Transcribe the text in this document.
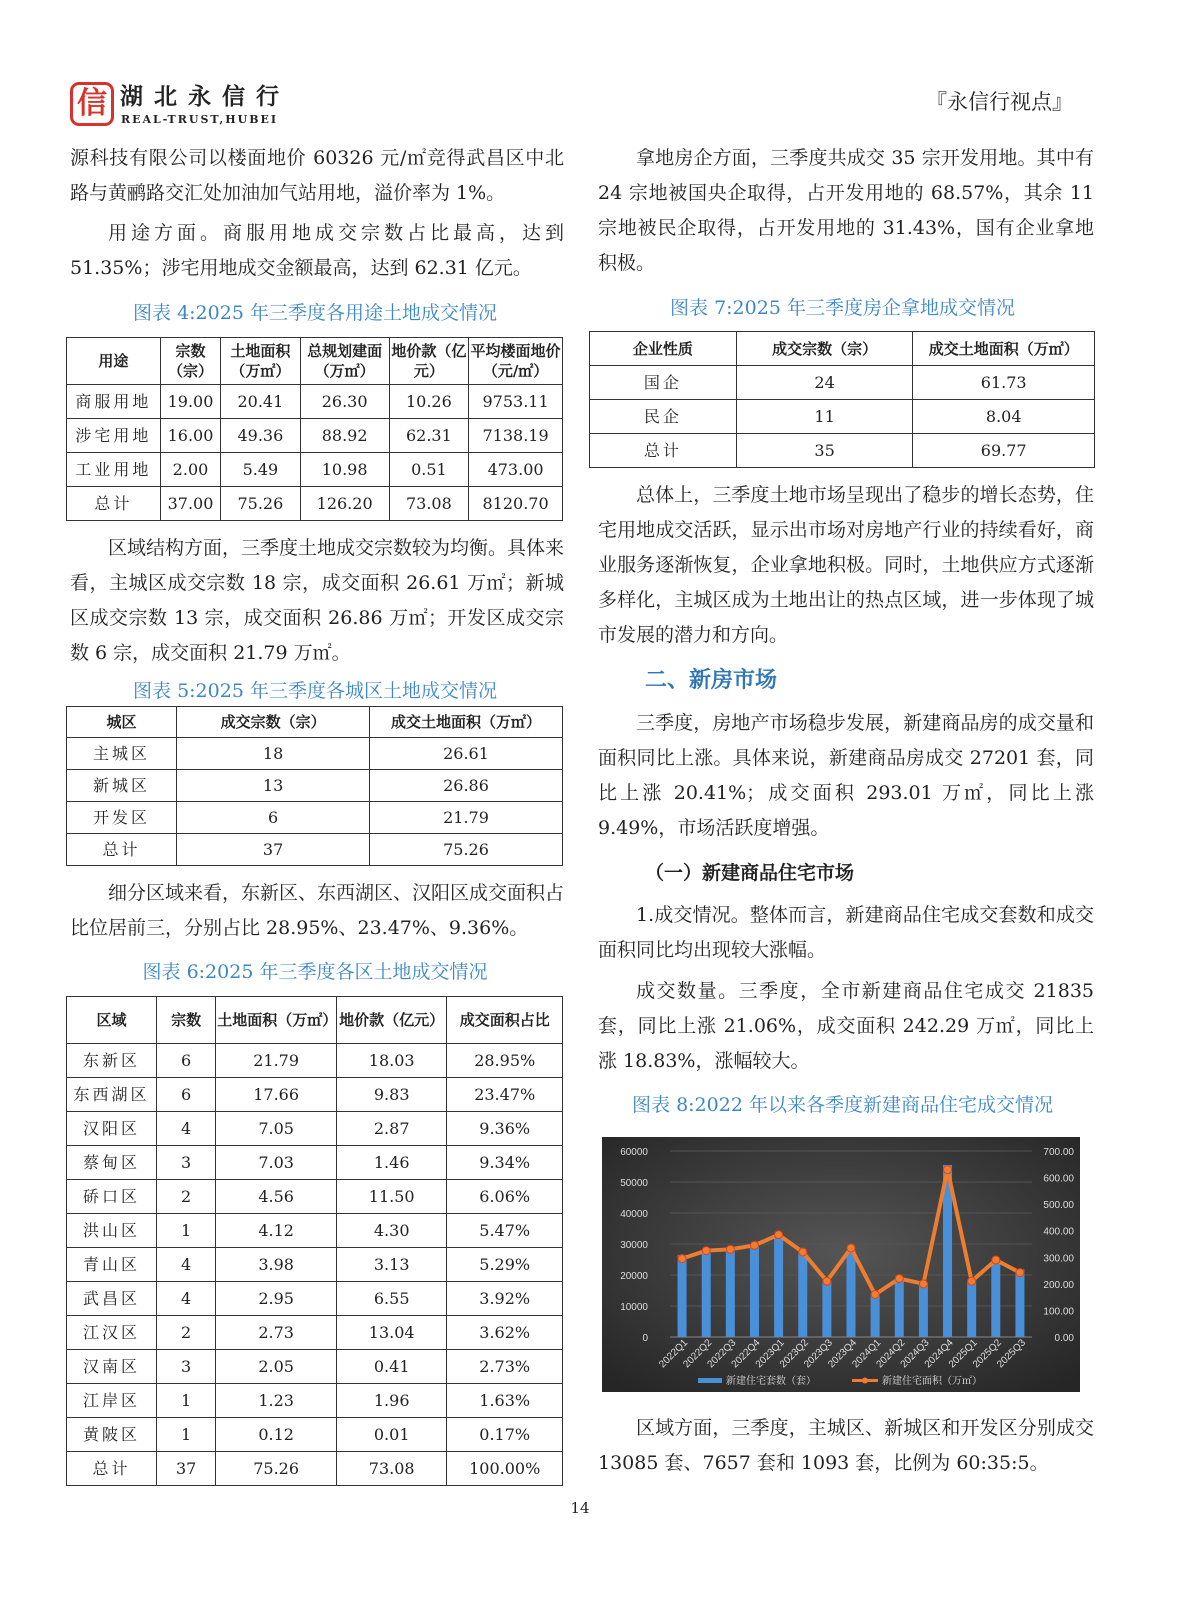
信 湖北永信行
REAL-TRUST,HUBEI
『永信行视点』

源科技有限公司以楼面地价 60326 元/㎡竞得武昌区中北路与黄鹂路交汇处加油加气站用地，溢价率为 1%。

用途方面。商服用地成交宗数占比最高，达到 51.35%；涉宅用地成交金额最高，达到 62.31 亿元。

图表 4:2025 年三季度各用途土地成交情况
用途	宗数（宗）	土地面积（万㎡）	总规划建面（万㎡）	地价款（亿元）	平均楼面地价（元/㎡）
商服用地	19.00	20.41	26.30	10.26	9753.11
涉宅用地	16.00	49.36	88.92	62.31	7138.19
工业用地	2.00	5.49	10.98	0.51	473.00
总计	37.00	75.26	126.20	73.08	8120.70

区域结构方面，三季度土地成交宗数较为均衡。具体来看，主城区成交宗数 18 宗，成交面积 26.61 万㎡；新城区成交宗数 13 宗，成交面积 26.86 万㎡；开发区成交宗数 6 宗，成交面积 21.79 万㎡。

图表 5:2025 年三季度各城区土地成交情况
城区	成交宗数（宗）	成交土地面积（万㎡）
主城区	18	26.61
新城区	13	26.86
开发区	6	21.79
总计	37	75.26

细分区域来看，东新区、东西湖区、汉阳区成交面积占比位居前三，分别占比 28.95%、23.47%、9.36%。

图表 6:2025 年三季度各区土地成交情况
区域	宗数	土地面积（万㎡）	地价款（亿元）	成交面积占比
东新区	6	21.79	18.03	28.95%
东西湖区	6	17.66	9.83	23.47%
汉阳区	4	7.05	2.87	9.36%
蔡甸区	3	7.03	1.46	9.34%
硚口区	2	4.56	11.50	6.06%
洪山区	1	4.12	4.30	5.47%
青山区	4	3.98	3.13	5.29%
武昌区	4	2.95	6.55	3.92%
江汉区	2	2.73	13.04	3.62%
汉南区	3	2.05	0.41	2.73%
江岸区	1	1.23	1.96	1.63%
黄陂区	1	0.12	0.01	0.17%
总计	37	75.26	73.08	100.00%

拿地房企方面，三季度共成交 35 宗开发用地。其中有 24 宗地被国央企取得，占开发用地的 68.57%，其余 11 宗地被民企取得，占开发用地的 31.43%，国有企业拿地积极。

图表 7:2025 年三季度房企拿地成交情况
企业性质	成交宗数（宗）	成交土地面积（万㎡）
国企	24	61.73
民企	11	8.04
总计	35	69.77

总体上，三季度土地市场呈现出了稳步的增长态势，住宅用地成交活跃，显示出市场对房地产行业的持续看好，商业服务逐渐恢复，企业拿地积极。同时，土地供应方式逐渐多样化，主城区成为土地出让的热点区域，进一步体现了城市发展的潜力和方向。

二、新房市场

三季度，房地产市场稳步发展，新建商品房的成交量和面积同比上涨。具体来说，新建商品房成交 27201 套，同比上涨 20.41%；成交面积 293.01 万㎡，同比上涨 9.49%，市场活跃度增强。

（一）新建商品住宅市场

1.成交情况。整体而言，新建商品住宅成交套数和成交面积同比均出现较大涨幅。

成交数量。三季度，全市新建商品住宅成交 21835 套，同比上涨 21.06%，成交面积 242.29 万㎡，同比上涨 18.83%，涨幅较大。

图表 8:2022 年以来各季度新建商品住宅成交情况
0
10000
20000
30000
40000
50000
60000
0.00
100.00
200.00
300.00
400.00
500.00
600.00
700.00
2022Q1
2022Q2
2022Q3
2022Q4
2023Q1
2023Q2
2023Q3
2023Q4
2024Q1
2024Q2
2024Q3
2024Q4
2025Q1
2025Q2
2025Q3
新建住宅套数（套）	新建住宅面积（万㎡）

区域方面，三季度，主城区、新城区和开发区分别成交 13085 套、7657 套和 1093 套，比例为 60:35:5。

14
